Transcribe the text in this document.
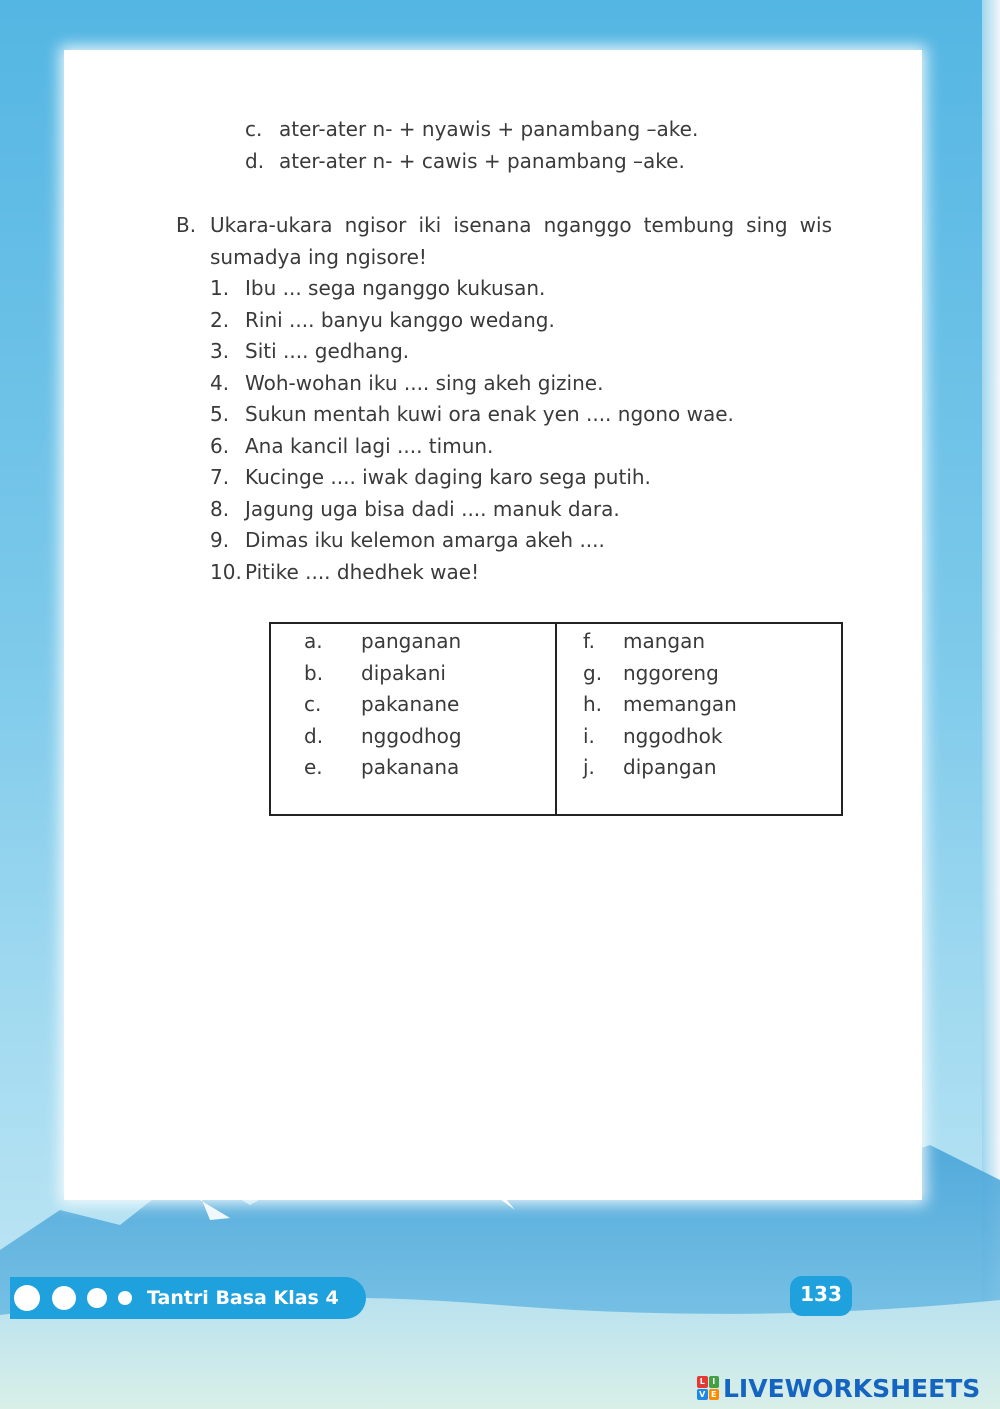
c. ater-ater n- + nyawis + panambang –ake.
d. ater-ater n- + cawis + panambang –ake.
B. Ukara-ukara ngisor iki isenana nganggo tembung sing wis
sumadya ing ngisore!
1. Ibu ... sega nganggo kukusan.
2. Rini .... banyu kanggo wedang.
3. Siti .... gedhang.
4. Woh-wohan iku .... sing akeh gizine.
5. Sukun mentah kuwi ora enak yen .... ngono wae.
6. Ana kancil lagi .... timun.
7. Kucinge .... iwak daging karo sega putih.
8. Jagung uga bisa dadi .... manuk dara.
9. Dimas iku kelemon amarga akeh ....
10. Pitike .... dhedhek wae!
a. panganan
b. dipakani
c. pakanane
d. nggodhog
e. pakanana
f. mangan
g. nggoreng
h. memangan
i. nggodhok
j. dipangan
Tantri Basa Klas 4	133
L I
V E LIVEWORKSHEETS
